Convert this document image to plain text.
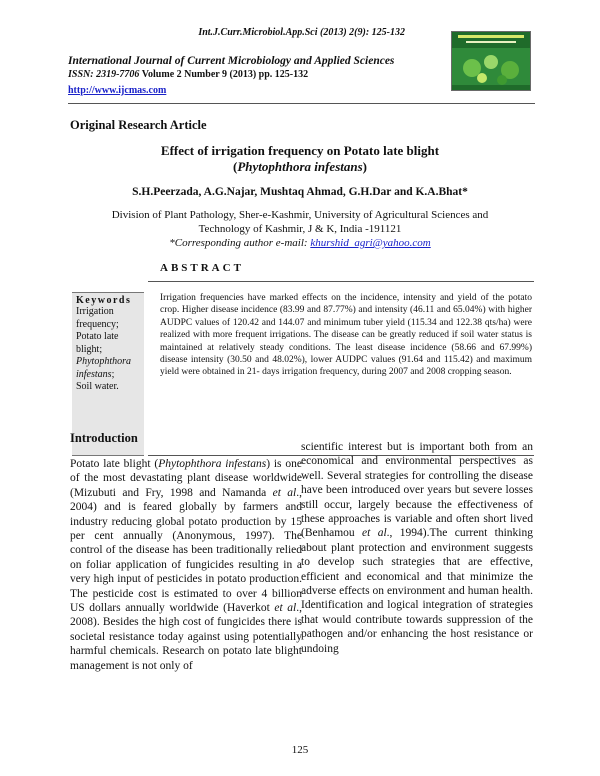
Int.J.Curr.Microbiol.App.Sci (2013) 2(9): 125-132
International Journal of Current Microbiology and Applied Sciences
ISSN: 2319-7706 Volume 2 Number 9 (2013) pp. 125-132
http://www.ijcmas.com
Original Research Article
Effect of irrigation frequency on Potato late blight
(Phytophthora infestans)
S.H.Peerzada, A.G.Najar, Mushtaq Ahmad, G.H.Dar and K.A.Bhat*
Division of Plant Pathology, Sher-e-Kashmir, University of Agricultural Sciences and
Technology of Kashmir, J & K, India -191121
*Corresponding author e-mail: khurshid_agri@yahoo.com
ABSTRACT
Keywords
Irrigation frequency;
Potato late blight;
Phytophthora infestans;
Soil water.
Irrigation frequencies have marked effects on the incidence, intensity and yield of the potato crop. Higher disease incidence (83.99 and 87.77%) and intensity (46.11 and 65.04%) with higher AUDPC values of 120.42 and 144.07 and minimum tuber yield (115.34 and 122.38 qts/ha) were realized with more frequent irrigations. The disease can be greatly reduced if soil water status is maintained at relatively steady conditions. The least disease incidence (58.66 and 67.99%) disease intensity (30.50 and 48.02%), lower AUDPC values (91.64 and 115.42) and maximum yield were obtained in 21- days irrigation frequency, during 2007 and 2008 cropping season.
Introduction

Potato late blight (Phytophthora infestans) is one of the most devastating plant disease worldwide (Mizubuti and Fry, 1998 and Namanda et al., 2004) and is feared globally by farmers and industry reducing global potato production by 15 per cent annually (Anonymous, 1997). The control of the disease has been traditionally relied on foliar application of fungicides resulting in a very high input of pesticides in potato production. The pesticide cost is estimated to over 4 billion US dollars annually worldwide (Haverkot et al., 2008). Besides the high cost of fungicides there is societal resistance today against using potentially harmful chemicals. Research on potato late blight management is not only of

scientific interest but is important both from an economical and environmental perspectives as well. Several strategies for controlling the disease have been introduced over years but severe losses still occur, largely because the effectiveness of these approaches is variable and often short lived (Benhamou et al., 1994).The current thinking about plant protection and environment suggests to develop such strategies that are effective, efficient and economical and that minimize the adverse effects on environment and human health. Identification and logical integration of strategies that would contribute towards suppression of the pathogen and/or enhancing the host resistance or undoing

125
